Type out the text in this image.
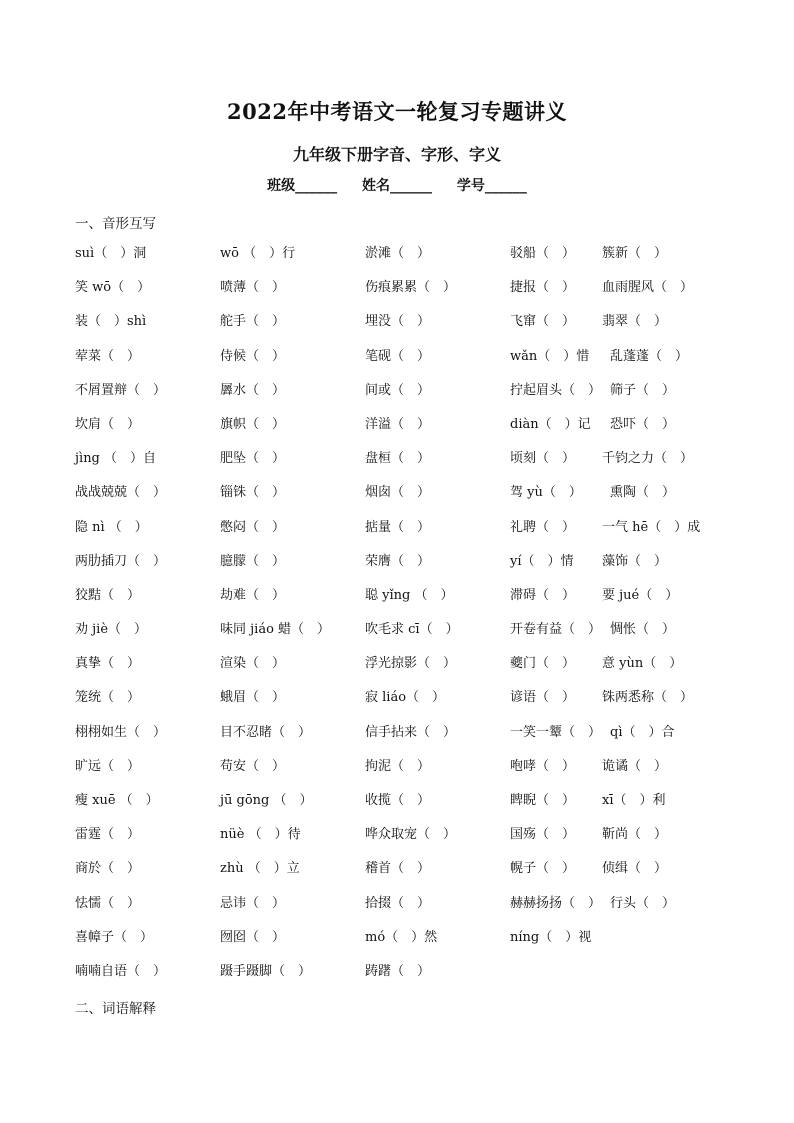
2022年中考语文一轮复习专题讲义
九年级下册字音、字形、字义
班级______ 姓名______ 学号______
一、音形互写
suì（　）洞	wō （　）行	淤滩（　）	驳船（　）	簇新（　）
笑 wō（　）	喷薄（　）	伤痕累累（　）	捷报（　）	血雨腥风（　）
装（　）shì	舵手（　）	埋没（　）	飞窜（　）	翡翠（　）
荤菜（　）	侍候（　）	笔砚（　）	wǎn（　）惜	乱蓬蓬（　）
不屑置辩（　）	羼水（　）	间或（　）	拧起眉头（　） 筛子（　）
坎肩（　）	旗帜（　）	洋溢（　）	diàn（　）记	恐吓（　）
jìng （　）自	肥坠（　）	盘桓（　）	顷刻（　）	千钧之力（　）
战战兢兢（　）	锱铢（　）	烟囱（　）	驾 yù（　）	熏陶（　）
隐 nì （　）	憋闷（　）	掂量（　）	礼聘（　）	一气 hē（　）成
两肋插刀（　）	臆朦（　）	荣膺（　）	yí（　）情	藻饰（　）
狡黠（　）	劫难（　）	聪 yǐng （　）	滞碍（　）	要 jué（　）
劝 jiè（　）	味同 jiáo 蜡（　）	吹毛求 cī（　）	开卷有益（　） 惆怅（　）
真挚（　）	渲染（　）	浮光掠影（　）	夔门（　）	意 yùn（　）
笼统（　）	蛾眉（　）	寂 liáo（　）	谚语（　）	铢两悉称（　）
栩栩如生（　）	目不忍睹（　）	信手拈来（　）	一笑一颦（　） qì（　）合
旷远（　）	苟安（　）	拘泥（　）	咆哮（　）	诡谲（　）
瘦 xuē （　）	jū gōng （　）	收揽（　）	睥睨（　）	xī（　）利
雷霆（　）	nüè （　）待	哗众取宠（　）	国殇（　）	靳尚（　）
商於（　）	zhù （　）立	稽首（　）	幌子（　）	侦缉（　）
怯懦（　）	忌讳（　）	拾掇（　）	赫赫扬扬（　） 行头（　）
喜幛子（　）	囫囵（　）	mó（　）然	níng（　）视
喃喃自语（　）	蹑手蹑脚（　）	踌躇（　）
二、词语解释
